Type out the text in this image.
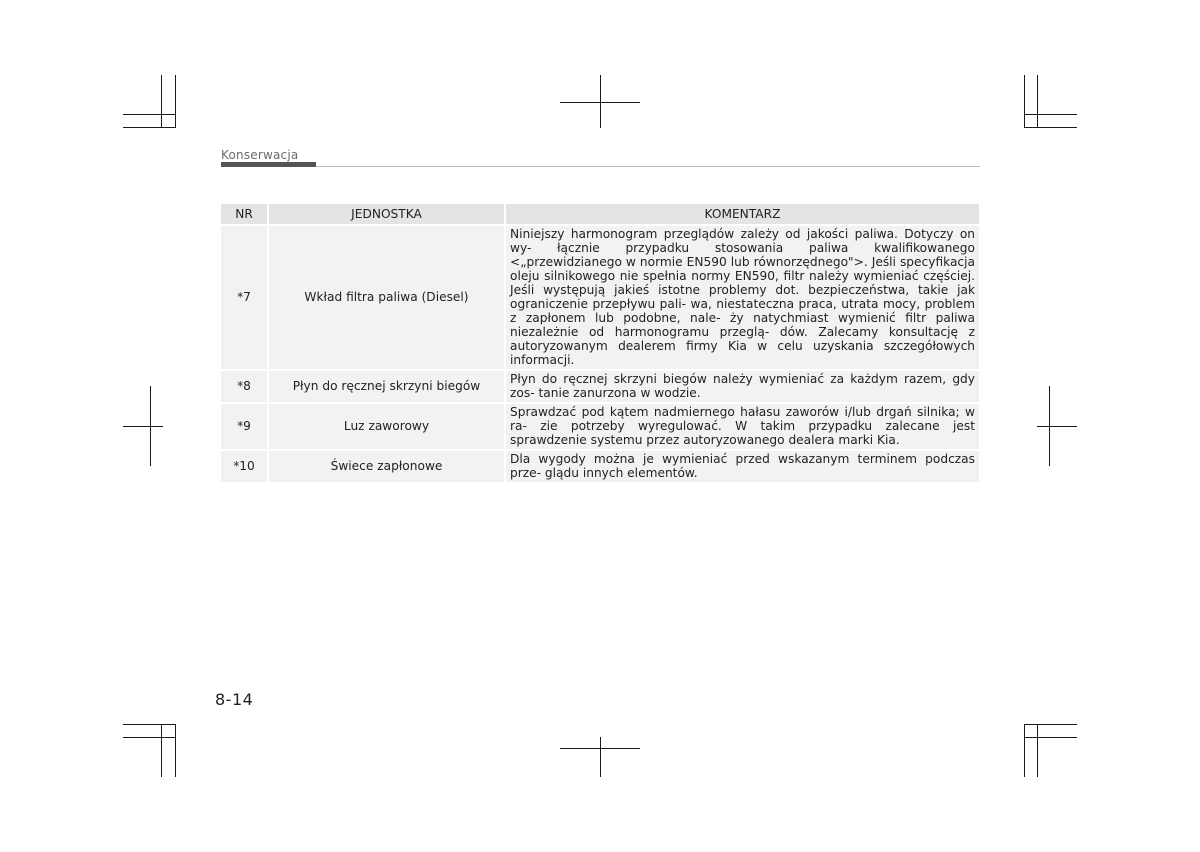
Konserwacja
NR	JEDNOSTKA	KOMENTARZ
*7	Wkład filtra paliwa (Diesel)	Niniejszy harmonogram przeglądów zależy od jakości paliwa. Dotyczy on wy- łącznie przypadku stosowania paliwa kwalifikowanego <„przewidzianego w normie EN590 lub równorzędnego">. Jeśli specyfikacja oleju silnikowego nie spełnia normy EN590, filtr należy wymieniać częściej. Jeśli występują jakieś istotne problemy dot. bezpieczeństwa, takie jak ograniczenie przepływu pali- wa, niestateczna praca, utrata mocy, problem z zapłonem lub podobne, nale- ży natychmiast wymienić filtr paliwa niezależnie od harmonogramu przeglą- dów. Zalecamy konsultację z autoryzowanym dealerem firmy Kia w celu uzyskania szczegółowych informacji.
*8	Płyn do ręcznej skrzyni biegów	Płyn do ręcznej skrzyni biegów należy wymieniać za każdym razem, gdy zos- tanie zanurzona w wodzie.
*9	Luz zaworowy	Sprawdzać pod kątem nadmiernego hałasu zaworów i/lub drgań silnika; w ra- zie potrzeby wyregulować. W takim przypadku zalecane jest sprawdzenie systemu przez autoryzowanego dealera marki Kia.
*10	Świece zapłonowe	Dla wygody można je wymieniać przed wskazanym terminem podczas prze- glądu innych elementów.
8-14
